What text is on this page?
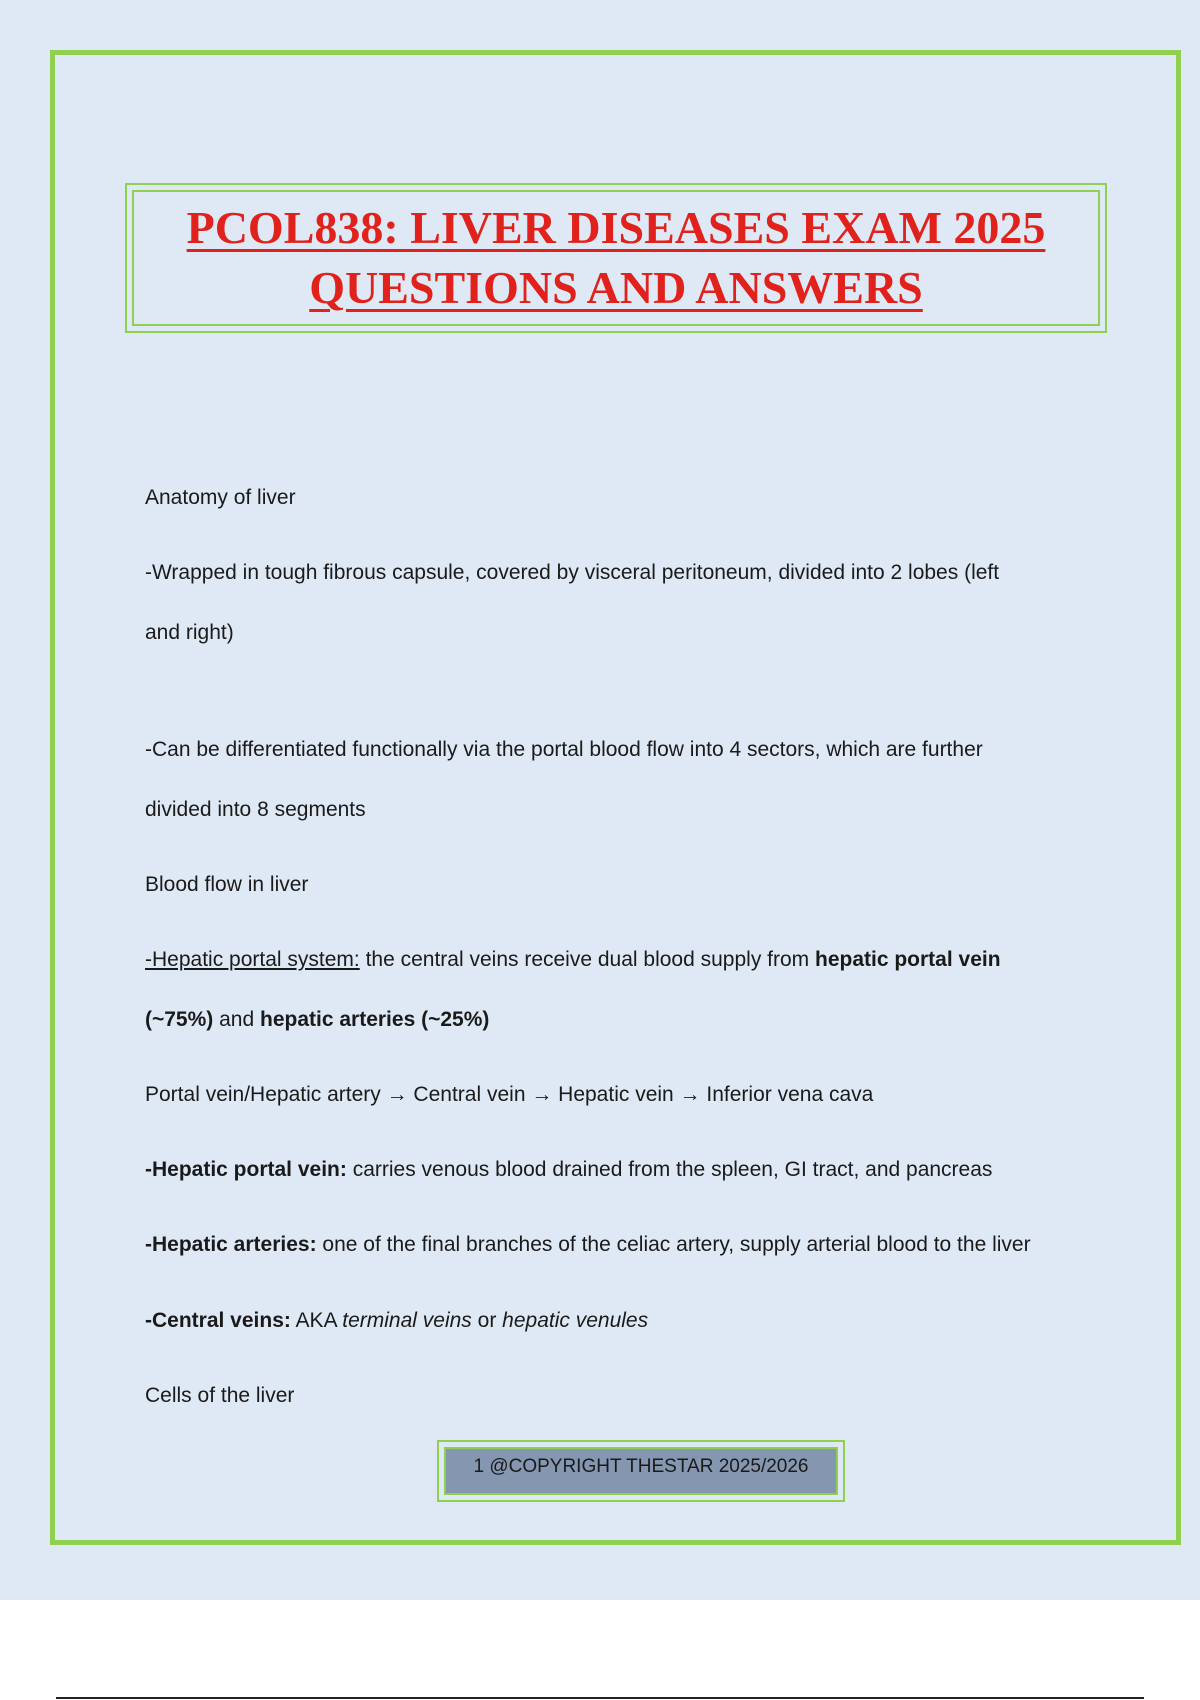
PCOL838: LIVER DISEASES EXAM 2025
QUESTIONS AND ANSWERS
Anatomy of liver
-Wrapped in tough fibrous capsule, covered by visceral peritoneum, divided into 2 lobes (left
and right)
-Can be differentiated functionally via the portal blood flow into 4 sectors, which are further
divided into 8 segments
Blood flow in liver
-Hepatic portal system: the central veins receive dual blood supply from hepatic portal vein
(~75%) and hepatic arteries (~25%)
Portal vein/Hepatic artery → Central vein → Hepatic vein → Inferior vena cava
-Hepatic portal vein: carries venous blood drained from the spleen, GI tract, and pancreas
-Hepatic arteries: one of the final branches of the celiac artery, supply arterial blood to the liver
-Central veins: AKA terminal veins or hepatic venules
Cells of the liver
1 @COPYRIGHT THESTAR 2025/2026
